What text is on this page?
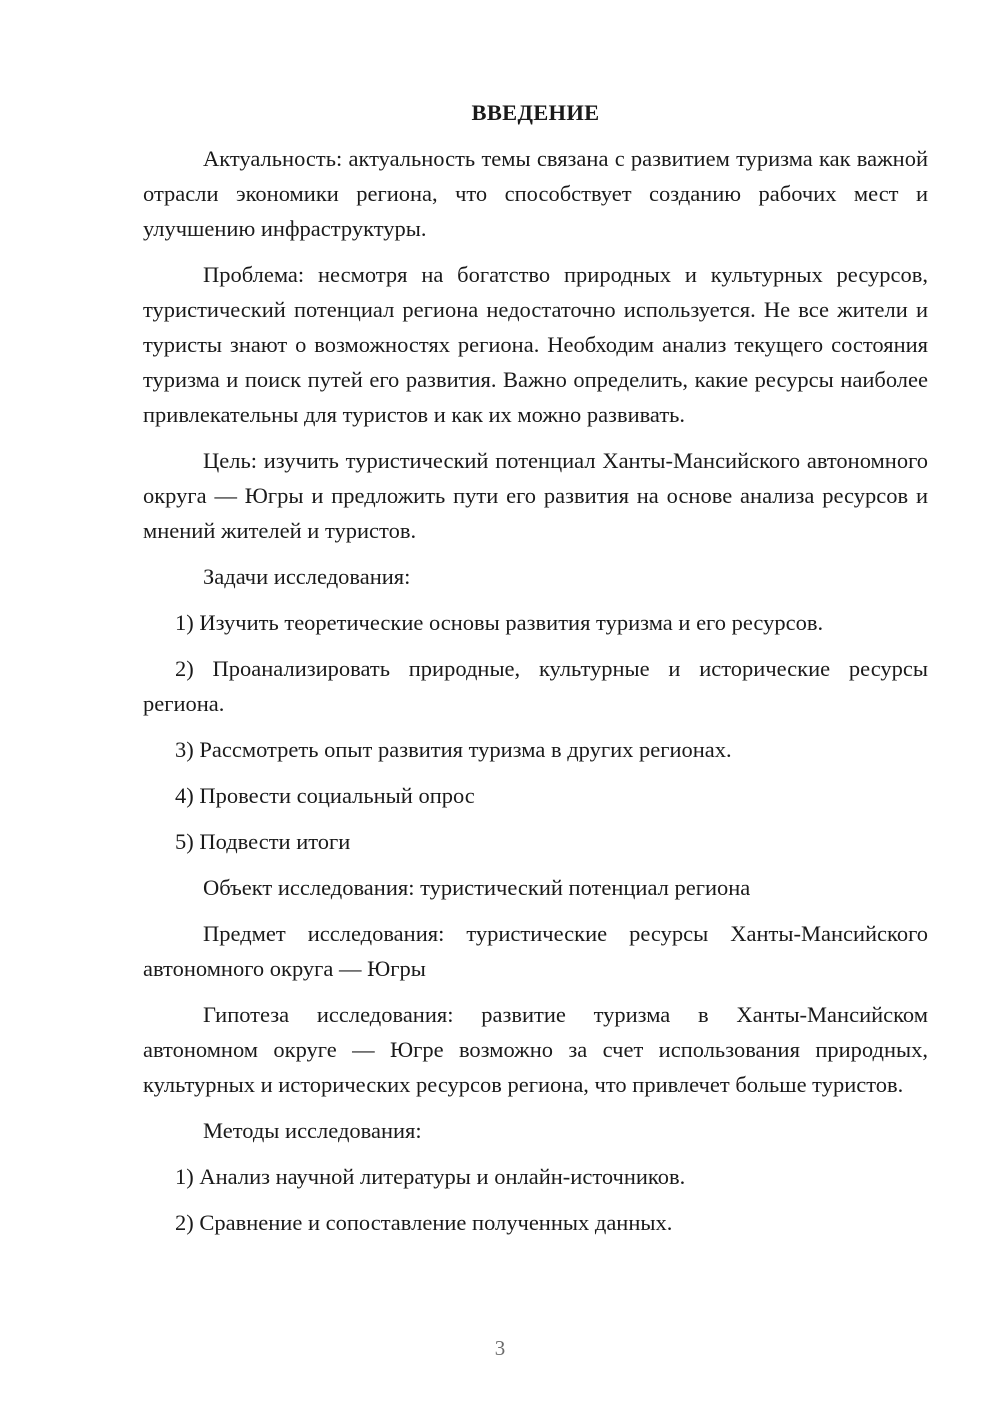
ВВЕДЕНИЕ
Актуальность: актуальность темы связана с развитием туризма как важной отрасли экономики региона, что способствует созданию рабочих мест и улучшению инфраструктуры.
Проблема: несмотря на богатство природных и культурных ресурсов, туристический потенциал региона недостаточно используется. Не все жители и туристы знают о возможностях региона. Необходим анализ текущего состояния туризма и поиск путей его развития. Важно определить, какие ресурсы наиболее привлекательны для туристов и как их можно развивать.
Цель: изучить туристический потенциал Ханты-Мансийского автономного округа — Югры и предложить пути его развития на основе анализа ресурсов и мнений жителей и туристов.
Задачи исследования:
1) Изучить теоретические основы развития туризма и его ресурсов.
2) Проанализировать природные, культурные и исторические ресурсы региона.
3) Рассмотреть опыт развития туризма в других регионах.
4) Провести социальный опрос
5) Подвести итоги
Объект исследования: туристический потенциал региона
Предмет исследования: туристические ресурсы Ханты-Мансийского автономного округа — Югры
Гипотеза исследования: развитие туризма в Ханты-Мансийском автономном округе — Югре возможно за счет использования природных, культурных и исторических ресурсов региона, что привлечет больше туристов.
Методы исследования:
1) Анализ научной литературы и онлайн-источников.
2) Сравнение и сопоставление полученных данных.
3
